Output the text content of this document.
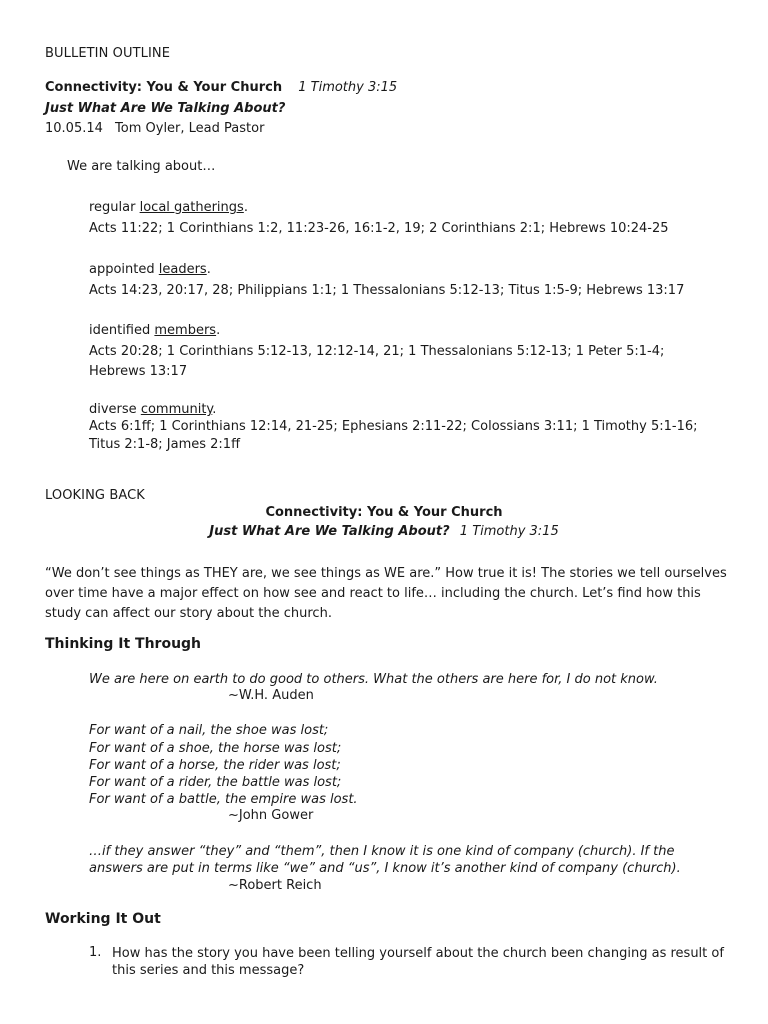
BULLETIN OUTLINE
Connectivity: You & Your Church 1 Timothy 3:15
Just What Are We Talking About?
10.05.14 Tom Oyler, Lead Pastor
We are talking about…
regular local gatherings.
Acts 11:22; 1 Corinthians 1:2, 11:23-26, 16:1-2, 19; 2 Corinthians 2:1; Hebrews 10:24-25
appointed leaders.
Acts 14:23, 20:17, 28; Philippians 1:1; 1 Thessalonians 5:12-13; Titus 1:5-9; Hebrews 13:17
identified members.
Acts 20:28; 1 Corinthians 5:12-13, 12:12-14, 21; 1 Thessalonians 5:12-13; 1 Peter 5:1-4; Hebrews 13:17
diverse community.
Acts 6:1ff; 1 Corinthians 12:14, 21-25; Ephesians 2:11-22; Colossians 3:11; 1 Timothy 5:1-16; Titus 2:1-8; James 2:1ff
LOOKING BACK
Connectivity: You & Your Church
Just What Are We Talking About? 1 Timothy 3:15
“We don’t see things as THEY are, we see things as WE are.” How true it is! The stories we tell ourselves over time have a major effect on how see and react to life… including the church. Let’s find how this study can affect our story about the church.
Thinking It Through
We are here on earth to do good to others. What the others are here for, I do not know.
~W.H. Auden
For want of a nail, the shoe was lost;
For want of a shoe, the horse was lost;
For want of a horse, the rider was lost;
For want of a rider, the battle was lost;
For want of a battle, the empire was lost.
~John Gower
…if they answer “they” and “them”, then I know it is one kind of company (church). If the answers are put in terms like “we” and “us”, I know it’s another kind of company (church).
~Robert Reich
Working It Out
1. How has the story you have been telling yourself about the church been changing as result of this series and this message?
